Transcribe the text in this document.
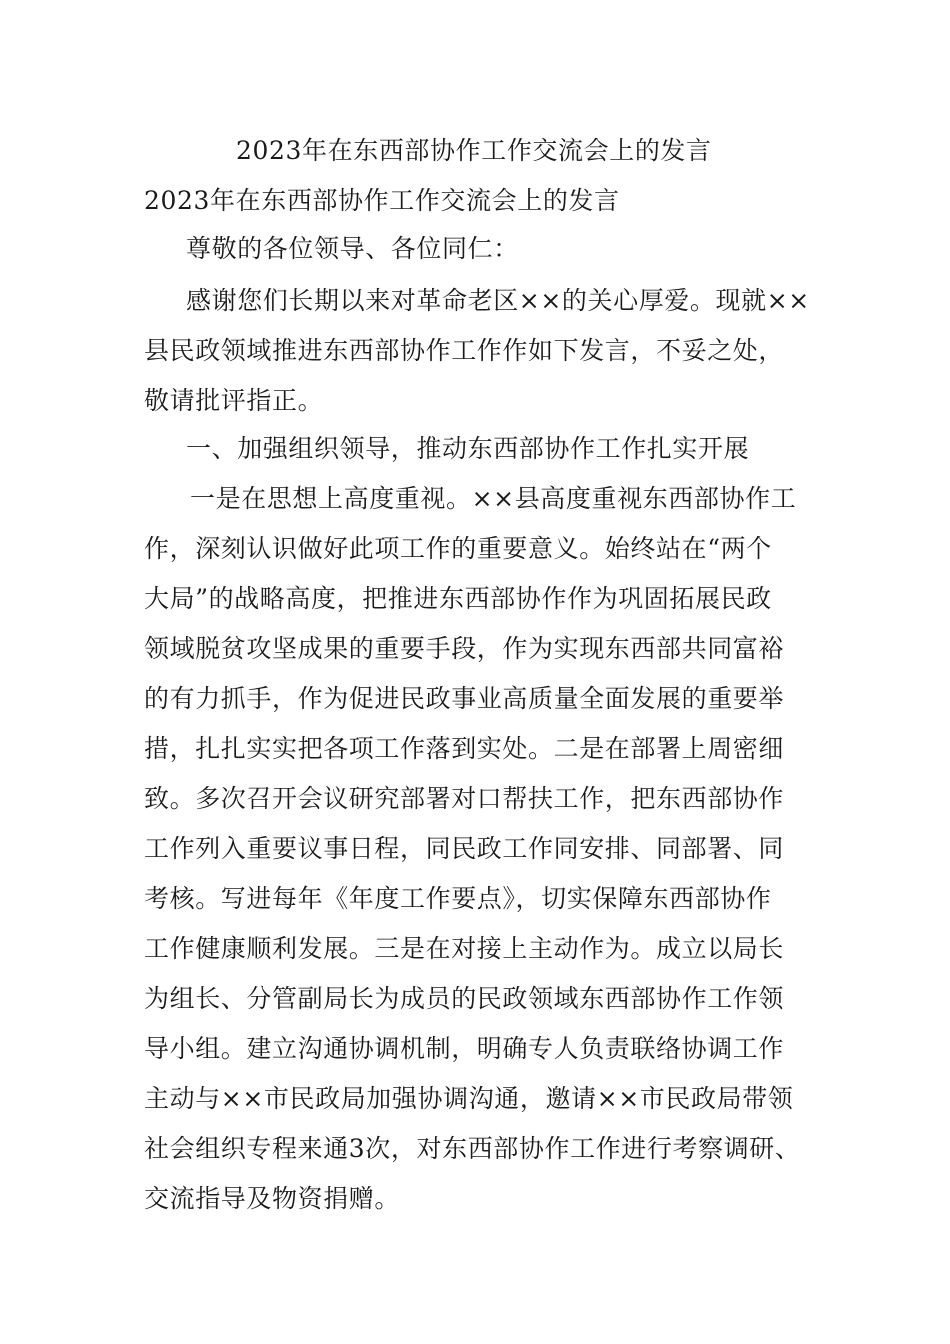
2023年在东西部协作工作交流会上的发言
2023年在东西部协作工作交流会上的发言
尊敬的各位领导、各位同仁：
感谢您们长期以来对革命老区××的关心厚爱。现就××
县民政领域推进东西部协作工作作如下发言，不妥之处，
敬请批评指正。
一、加强组织领导，推动东西部协作工作扎实开展
一是在思想上高度重视。××县高度重视东西部协作工
作，深刻认识做好此项工作的重要意义。始终站在“两个
大局”的战略高度，把推进东西部协作作为巩固拓展民政
领域脱贫攻坚成果的重要手段，作为实现东西部共同富裕
的有力抓手，作为促进民政事业高质量全面发展的重要举
措，扎扎实实把各项工作落到实处。二是在部署上周密细
致。多次召开会议研究部署对口帮扶工作，把东西部协作
工作列入重要议事日程，同民政工作同安排、同部署、同
考核。写进每年《年度工作要点》，切实保障东西部协作
工作健康顺利发展。三是在对接上主动作为。成立以局长
为组长、分管副局长为成员的民政领域东西部协作工作领
导小组。建立沟通协调机制，明确专人负责联络协调工作
主动与××市民政局加强协调沟通，邀请××市民政局带领
社会组织专程来通3次，对东西部协作工作进行考察调研、
交流指导及物资捐赠。
